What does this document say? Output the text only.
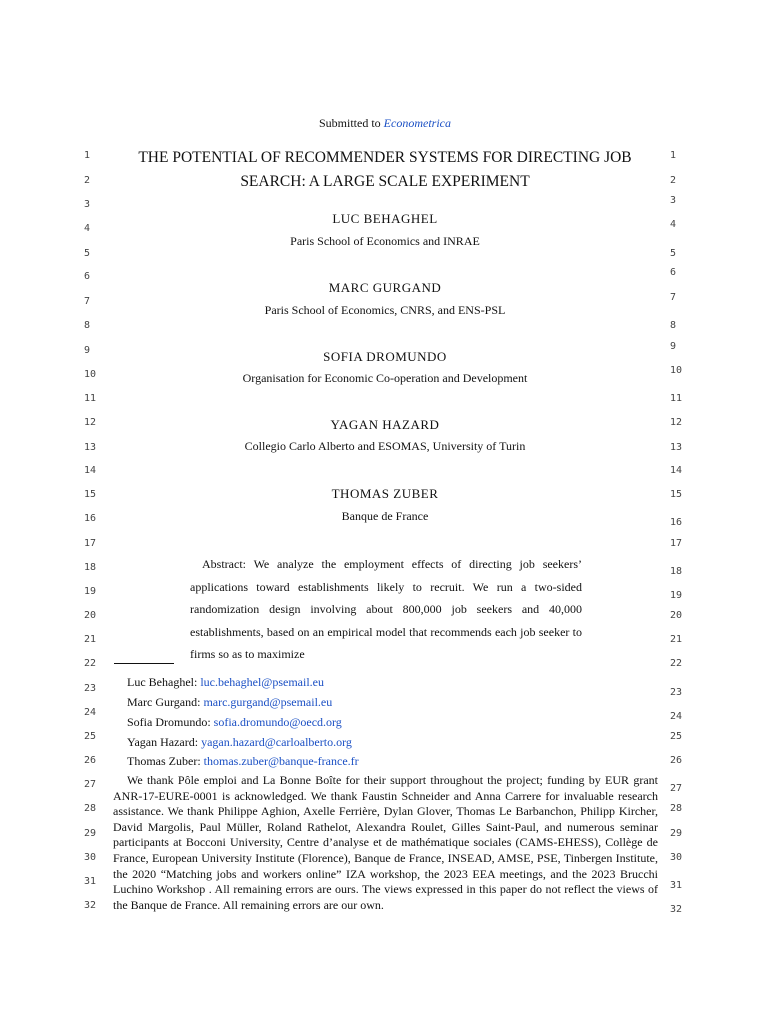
Submitted to Econometrica
THE POTENTIAL OF RECOMMENDER SYSTEMS FOR DIRECTING JOB
SEARCH: A LARGE SCALE EXPERIMENT
LUC BEHAGHEL
Paris School of Economics and INRAE
MARC GURGAND
Paris School of Economics, CNRS, and ENS-PSL
SOFIA DROMUNDO
Organisation for Economic Co-operation and Development
YAGAN HAZARD
Collegio Carlo Alberto and ESOMAS, University of Turin
THOMAS ZUBER
Banque de France
Abstract: We analyze the employment effects of directing job seekers’ applications toward establishments likely to recruit. We run a two-sided randomization design involving about 800,000 job seekers and 40,000 establishments, based on an empirical model that recommends each job seeker to firms so as to maximize
Luc Behaghel: luc.behaghel@psemail.eu
Marc Gurgand: marc.gurgand@psemail.eu
Sofia Dromundo: sofia.dromundo@oecd.org
Yagan Hazard: yagan.hazard@carloalberto.org
Thomas Zuber: thomas.zuber@banque-france.fr
We thank Pôle emploi and La Bonne Boîte for their support throughout the project; funding by EUR grant ANR-17-EURE-0001 is acknowledged. We thank Faustin Schneider and Anna Carrere for invaluable research assistance. We thank Philippe Aghion, Axelle Ferrière, Dylan Glover, Thomas Le Barbanchon, Philipp Kircher, David Margolis, Paul Müller, Roland Rathelot, Alexandra Roulet, Gilles Saint-Paul, and numerous seminar participants at Bocconi University, Centre d’analyse et de mathématique sociales (CAMS-EHESS), Collège de France, European University Institute (Florence), Banque de France, INSEAD, AMSE, PSE, Tinbergen Institute, the 2020 “Matching jobs and workers online” IZA workshop, the 2023 EEA meetings, and the 2023 Brucchi Luchino Workshop . All remaining errors are ours. The views expressed in this paper do not reflect the views of the Banque de France. All remaining errors are our own.
1	1
2	2
3	3
4	4
5	5
6	6
7	7
8	8
9	9
10	10
11	11
12	12
13	13
14	14
15	15
16	16
17	17
18	18
19	19
20	20
21	21
22	22
23	23
24	24
25	25
26	26
27	27
28	28
29	29
30	30
31	31
32	32
